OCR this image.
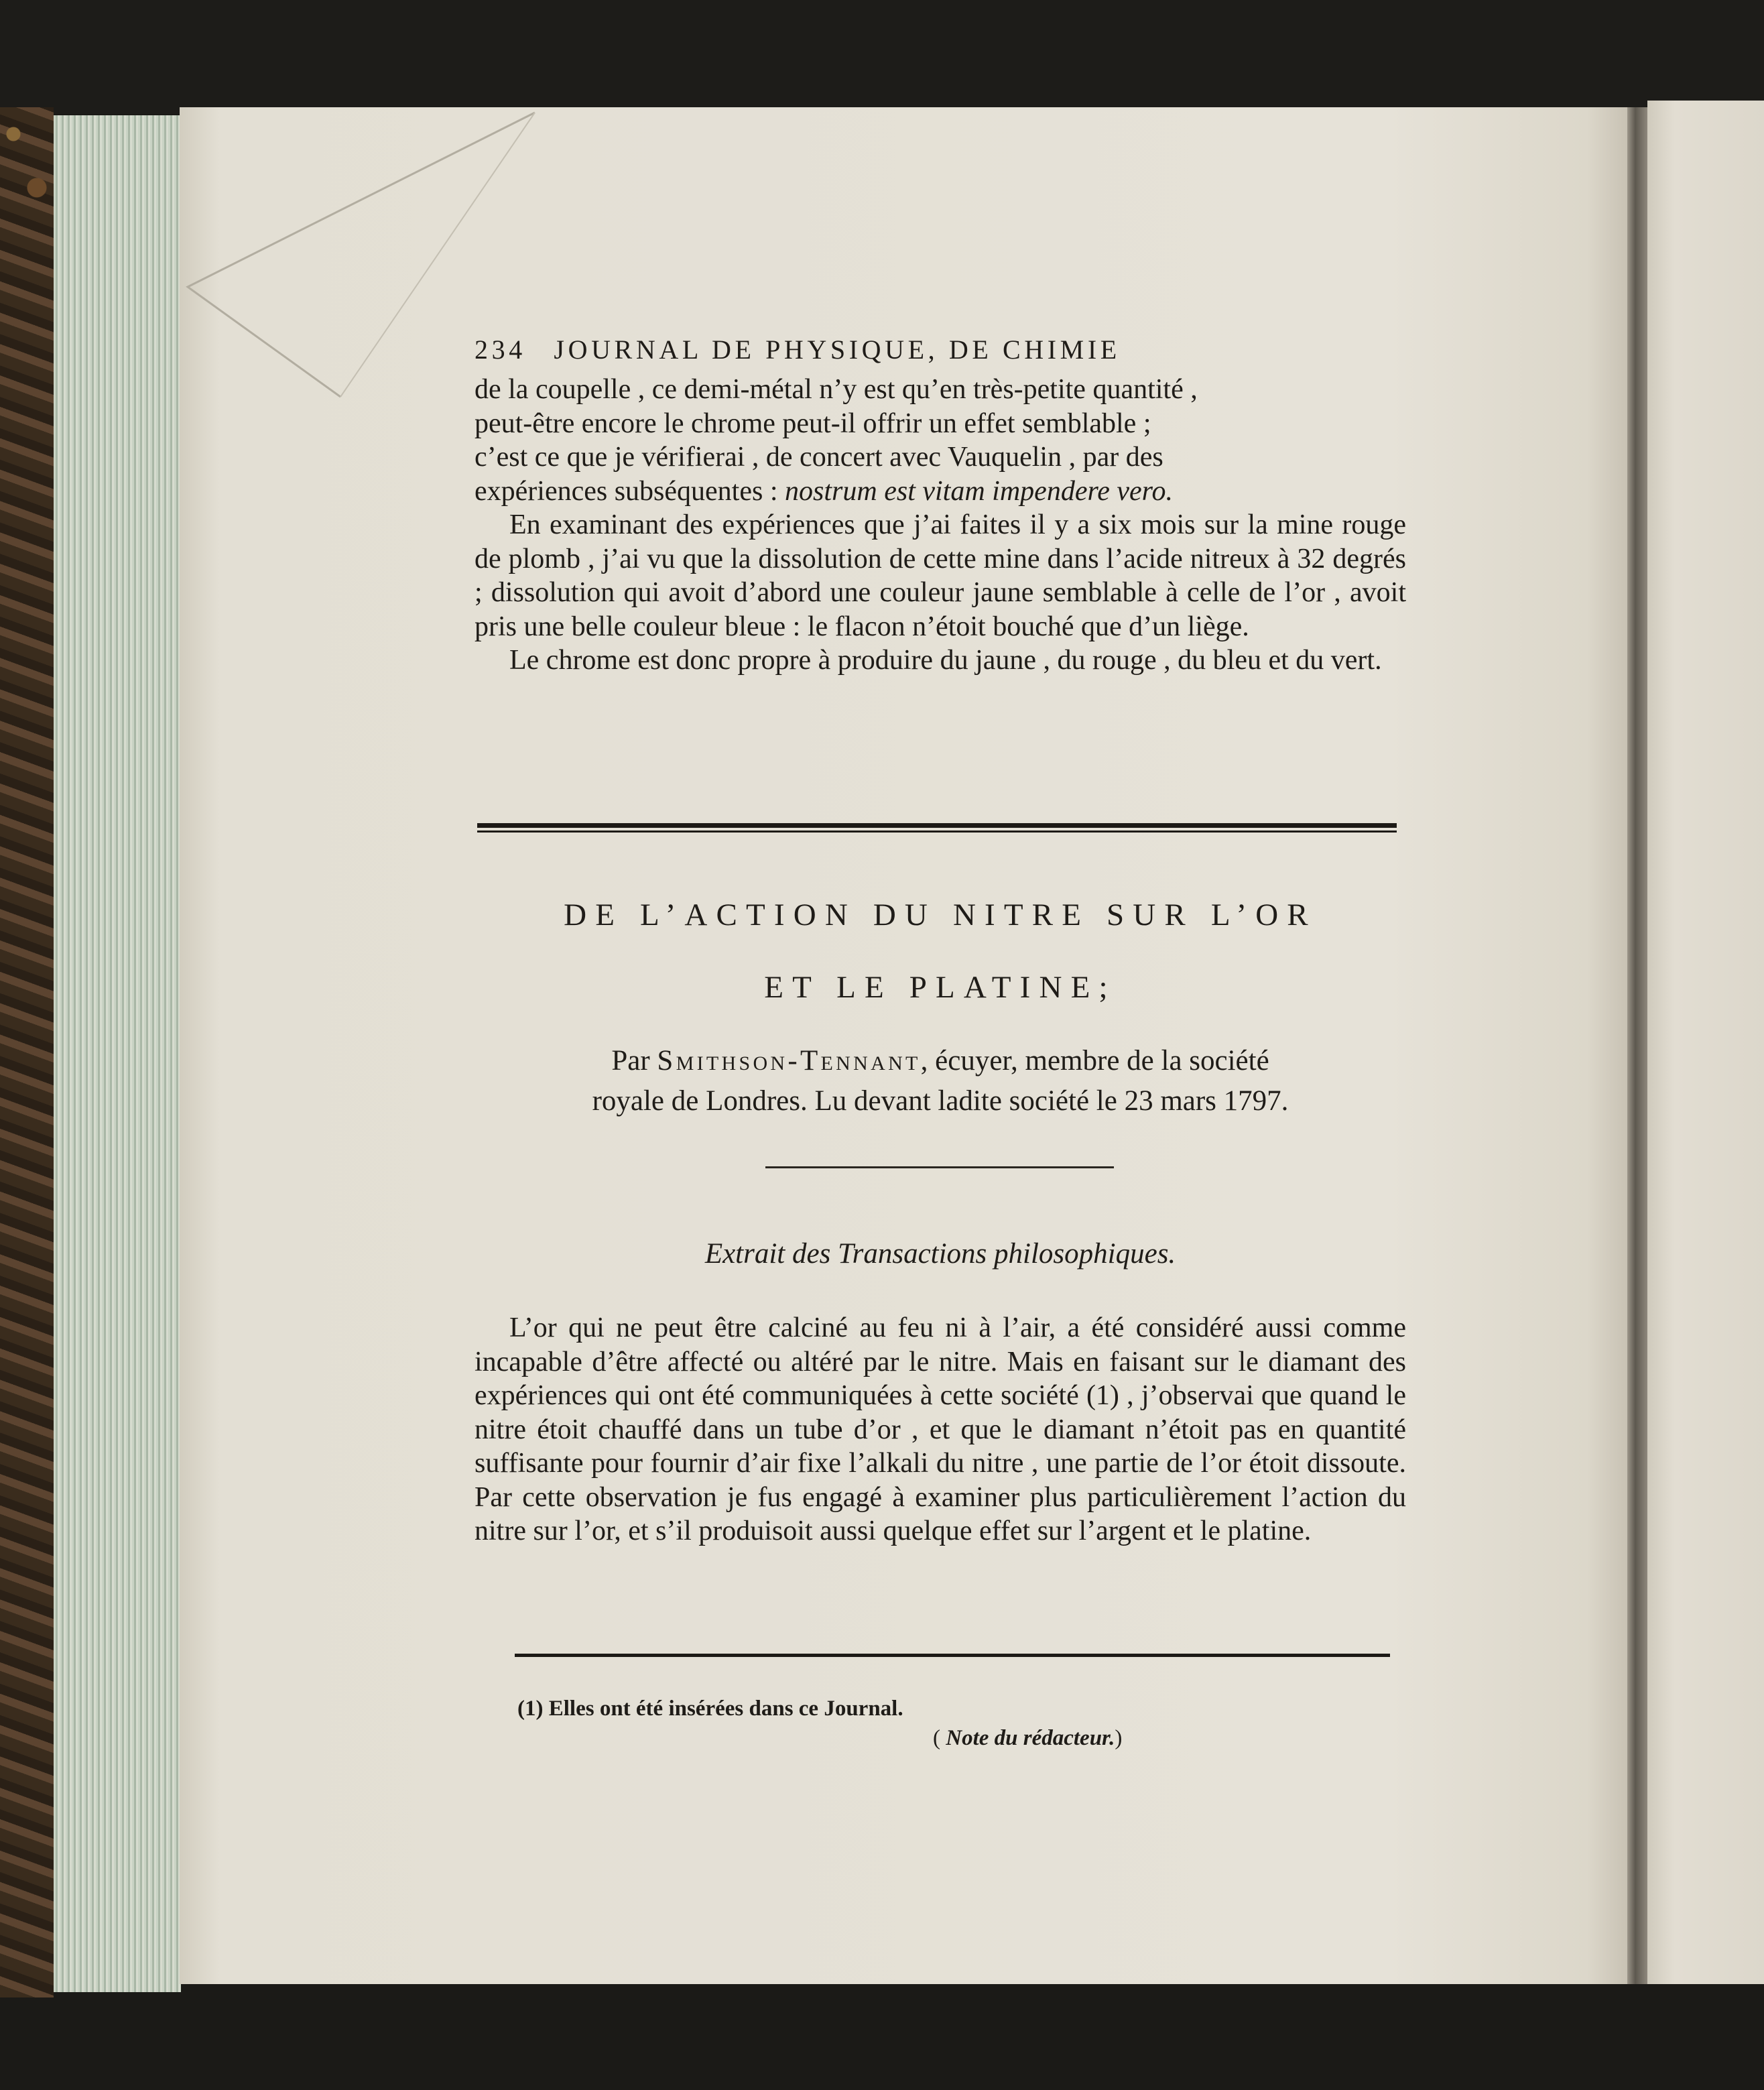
234 JOURNAL DE PHYSIQUE, DE CHIMIE

de la coupelle , ce demi-métal n’y est qu’en très-petite quantité ,

peut-être encore le chrome peut-il offrir un effet semblable ;

c’est ce que je vérifierai , de concert avec Vauquelin , par des

expériences subséquentes : nostrum est vitam impendere vero.

En examinant des expériences que j’ai faites il y a six mois sur la mine rouge de plomb , j’ai vu que la dissolution de cette mine dans l’acide nitreux à 32 degrés ; dissolution qui avoit d’abord une couleur jaune semblable à celle de l’or , avoit pris une belle couleur bleue : le flacon n’étoit bouché que d’un liège.

Le chrome est donc propre à produire du jaune , du rouge , du bleu et du vert.

DE L’ACTION DU NITRE SUR L’OR
ET LE PLATINE;
Par Smithson-Tennant, écuyer, membre de la société
royale de Londres. Lu devant ladite société le 23 mars 1797.
Extrait des Transactions philosophiques.

L’or qui ne peut être calciné au feu ni à l’air, a été considéré aussi comme incapable d’être affecté ou altéré par le nitre. Mais en faisant sur le diamant des expériences qui ont été communiquées à cette société (1) , j’observai que quand le nitre étoit chauffé dans un tube d’or , et que le diamant n’étoit pas en quantité suffisante pour fournir d’air fixe l’alkali du nitre , une partie de l’or étoit dissoute. Par cette observation je fus engagé à examiner plus particulièrement l’action du nitre sur l’or, et s’il produisoit aussi quelque effet sur l’argent et le platine.

(1) Elles ont été insérées dans ce Journal.
( Note du rédacteur.)
